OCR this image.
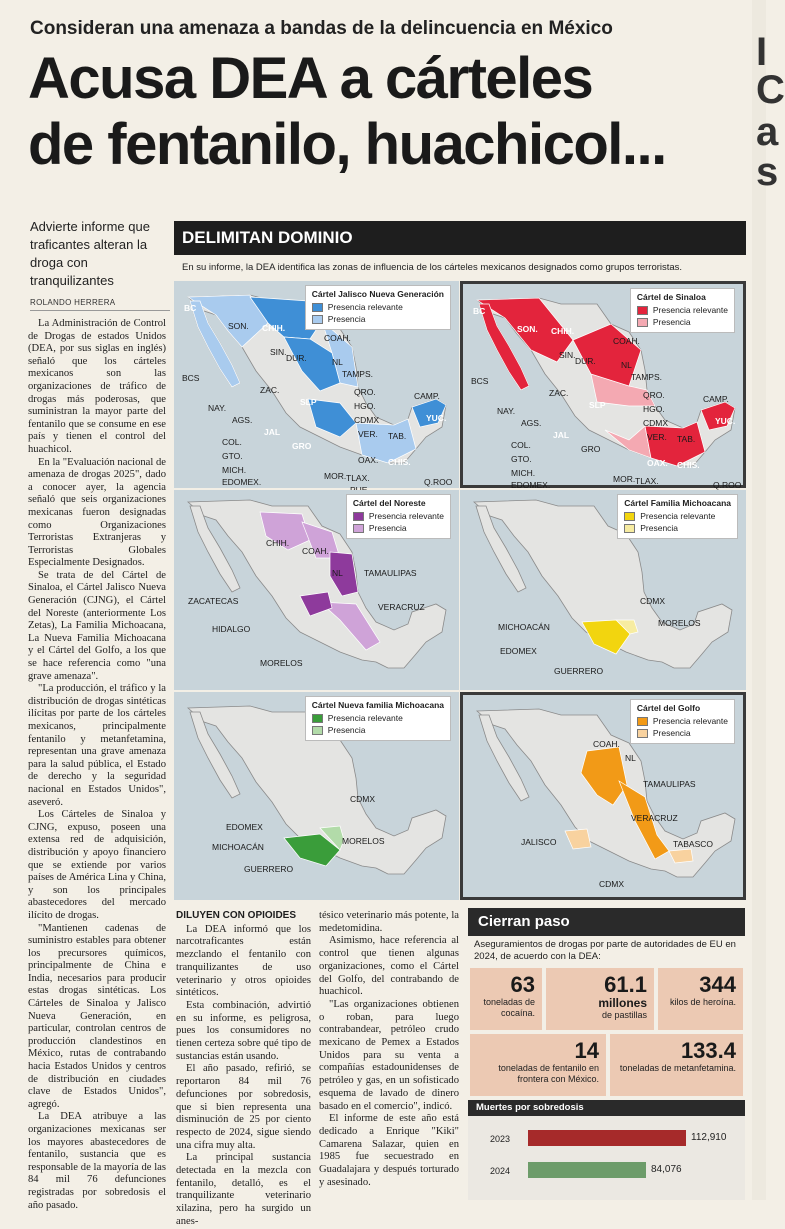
Consideran una amenaza a bandas de la delincuencia en México
Acusa DEA a cárteles
de fentanilo, huachicol...
I
C
a
s
Advierte informe que traficantes alteran la droga con tranquilizantes
ROLANDO HERRERA

La Administración de Control de Drogas de estados Unidos (DEA, por sus siglas en inglés) señaló que los cárteles mexicanos son las organizaciones de tráfico de drogas más poderosas, que suministran la mayor parte del fentanilo que se consume en ese país y tienen el control del huachicol.

En la "Evaluación nacional de amenaza de drogas 2025", dado a conocer ayer, la agencia señaló que seis organizaciones mexicanas fueron designadas como Organizaciones Terroristas Extranjeras y Terroristas Globales Especialmente Designados.

Se trata de del Cártel de Sinaloa, el Cártel Jalisco Nueva Generación (CJNG), el Cártel del Noreste (anteriormente Los Zetas), La Familia Michoacana, La Nueva Familia Michoacana y el Cártel del Golfo, a los que se hace referencia como "una grave amenaza".

"La producción, el tráfico y la distribución de drogas sintéticas ilícitas por parte de los cárteles mexicanos, principalmente fentanilo y metanfetamina, representan una grave amenaza para la salud pública, el Estado de derecho y la seguridad nacional en Estados Unidos", aseveró.

Los Cárteles de Sinaloa y CJNG, expuso, poseen una extensa red de adquisición, distribución y apoyo financiero que se extiende por varios países de América Lina y China, y son los principales abastecedores del mercado ilícito de drogas.

"Mantienen cadenas de suministro estables para obtener los precursores químicos, principalmente de China e India, necesarios para producir estas drogas sintéticas. Los Cárteles de Sinaloa y Jalisco Nueva Generación, en particular, controlan centros de producción clandestinos en México, rutas de contrabando hacia Estados Unidos y centros de distribución en ciudades clave de Estados Unidos", agregó.

La DEA atribuye a las organizaciones mexicanas ser los mayores abastecedores de fentanilo, sustancia que es responsable de la mayoría de las 84 mil 76 defunciones registradas por sobredosis el año pasado.

DELIMITAN DOMINIO
En su informe, la DEA identifica las zonas de influencia de los cárteles mexicanos designados como grupos terroristas.
Cártel Jalisco Nueva Generación
Presencia relevante
Presencia
BC
SON. CHIH.
COAH.
SIN.
DUR.	NL
TAMPS.
BCS
ZAC.	QRO.
SLP
NAY.	HGO.
AGS.	CDMX
CAMP.
JAL	VER. TAB.
YUC.
COL.	GRO
GTO.	OAX.
MICH.
CHIS.
MOR.
EDOMEX.	TLAX.	Q.ROO
Cártel de Sinaloa
Presencia relevante
Presencia
BC
SON. CHIH.
COAH.
SIN.
DUR.	NL
TAMPS.
BCS
ZAC.	QRO.
SLP
NAY.	HGO.
AGS.	CDMX
CAMP.
JAL	VER. TAB.
YUC.
COL.	GRO
GTO.	OAX.
MICH.
CHIS.
MOR.
EDOMEX.	TLAX.	Q.ROO
Cártel del Noreste
Presencia relevante
Presencia
CHIH.
COAH.
NL TAMAULIPAS
ZACATECAS
VERACRUZ
HIDALGO
MORELOS
Cártel Familia Michoacana
Presencia relevante
Presencia
CDMX
MICHOACÁN	MORELOS
EDOMEX
GUERRERO
Cártel Nueva familia Michoacana
Presencia relevante
Presencia
CDMX
EDOMEX
MORELOS
MICHOACÁN
GUERRERO
Cártel del Golfo
Presencia relevante
Presencia
COAH.
NL
TAMAULIPAS
VERACRUZ
JALISCO	TABASCO
CDMX

DILUYEN CON OPIOIDES

La DEA informó que los narcotraficantes están mezclando el fentanilo con tranquilizantes de uso veterinario y otros opioides sintéticos.

Esta combinación, advirtió en su informe, es peligrosa, pues los consumidores no tienen certeza sobre qué tipo de sustancias están usando.

El año pasado, refirió, se reportaron 84 mil 76 defunciones por sobredosis, que si bien representa una disminución de 25 por ciento respecto de 2024, sigue siendo una cifra muy alta.

La principal sustancia detectada en la mezcla con fentanilo, detalló, es el tranquilizante veterinario xilazina, pero ha surgido un anes-

tésico veterinario más potente, la medetomidina.

Asimismo, hace referencia al control que tienen algunas organizaciones, como el Cártel del Golfo, del contrabando de huachicol.

"Las organizaciones obtienen o roban, para luego contrabandear, petróleo crudo mexicano de Pemex a Estados Unidos para su venta a compañías estadounidenses de petróleo y gas, en un sofisticado esquema de lavado de dinero basado en el comercio", indicó.

El informe de este año está dedicado a Enrique "Kiki" Camarena Salazar, quien en 1985 fue secuestrado en Guadalajara y después torturado y asesinado.

Cierran paso
Aseguramientos de drogas por parte de autoridades de EU en 2024, de acuerdo con la DEA:
63
toneladas de cocaína.
61.1
millones
de pastillas
344
kilos de heroína.
14
toneladas de fentanilo en frontera con México.
133.4
toneladas de metanfetamina.
Muertes por sobredosis
2023
2024
112,910
84,076
